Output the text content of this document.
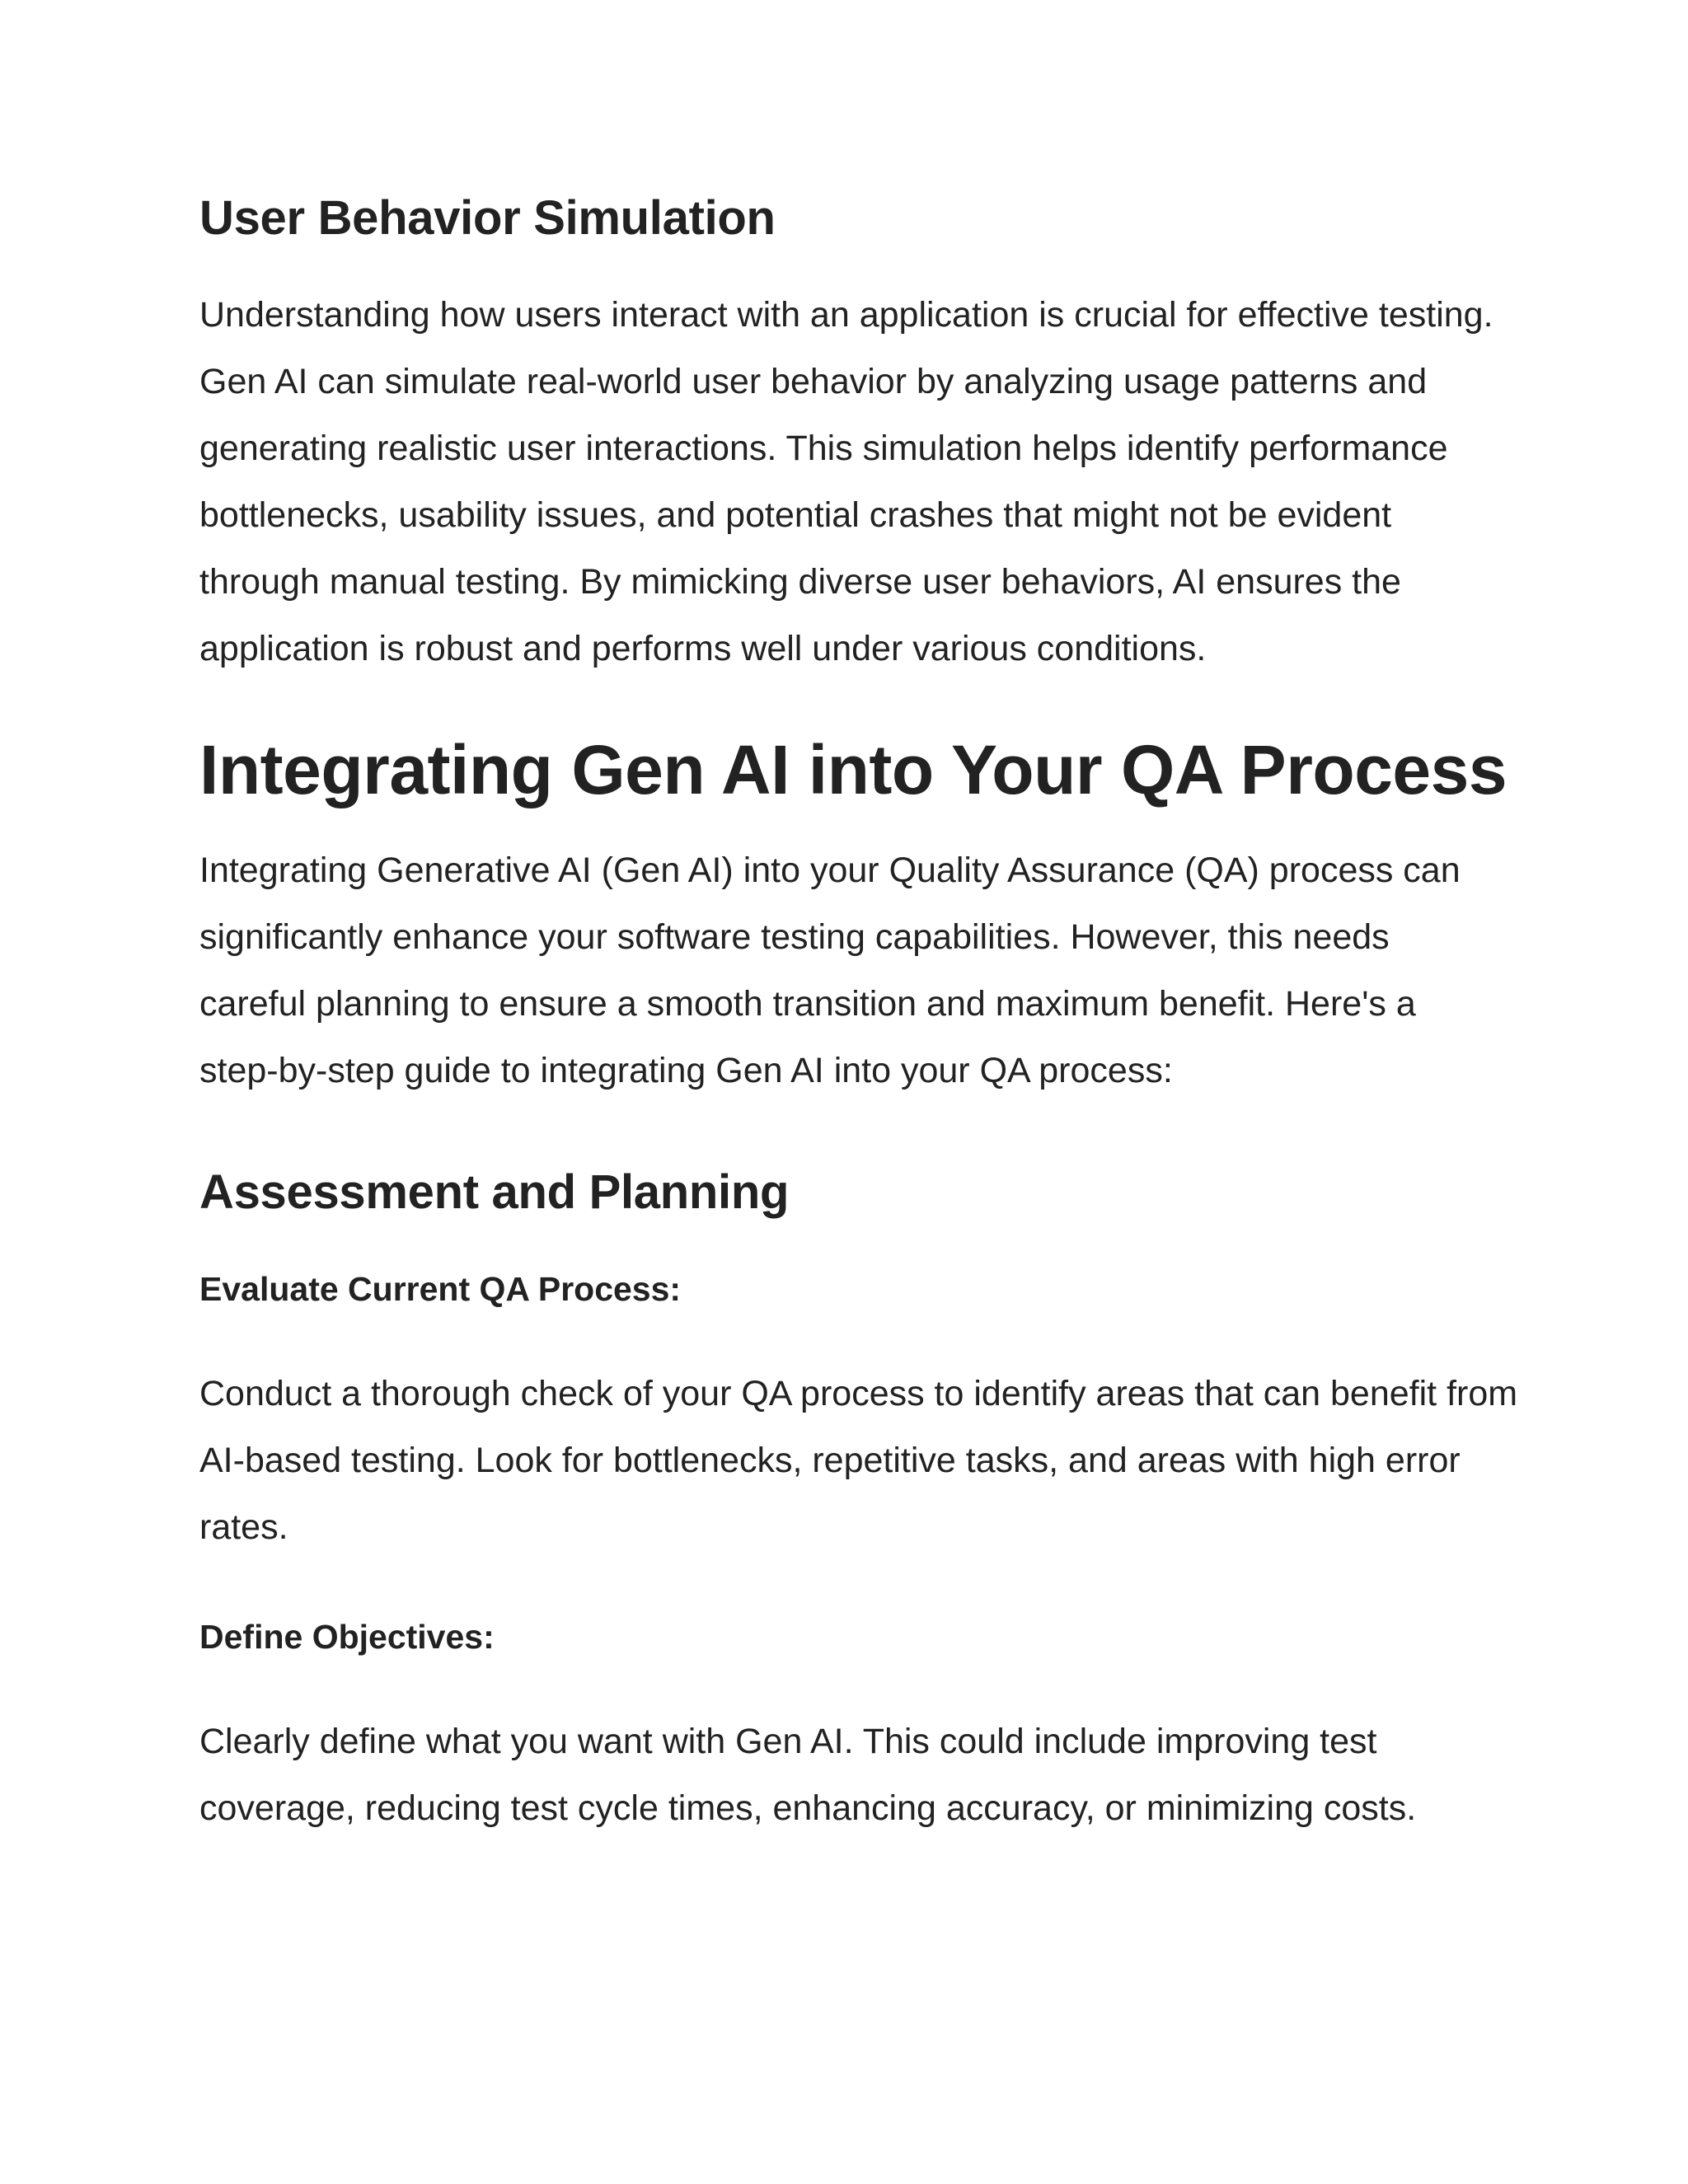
User Behavior Simulation

Understanding how users interact with an application is crucial for effective testing. Gen AI can simulate real-world user behavior by analyzing usage patterns and generating realistic user interactions. This simulation helps identify performance bottlenecks, usability issues, and potential crashes that might not be evident through manual testing. By mimicking diverse user behaviors, AI ensures the application is robust and performs well under various conditions.

Integrating Gen AI into Your QA Process

Integrating Generative AI (Gen AI) into your Quality Assurance (QA) process can significantly enhance your software testing capabilities. However, this needs careful planning to ensure a smooth transition and maximum benefit. Here's a step-by-step guide to integrating Gen AI into your QA process:

Assessment and Planning

Evaluate Current QA Process:

Conduct a thorough check of your QA process to identify areas that can benefit from AI-based testing. Look for bottlenecks, repetitive tasks, and areas with high error rates.

Define Objectives:

Clearly define what you want with Gen AI. This could include improving test coverage, reducing test cycle times, enhancing accuracy, or minimizing costs.
